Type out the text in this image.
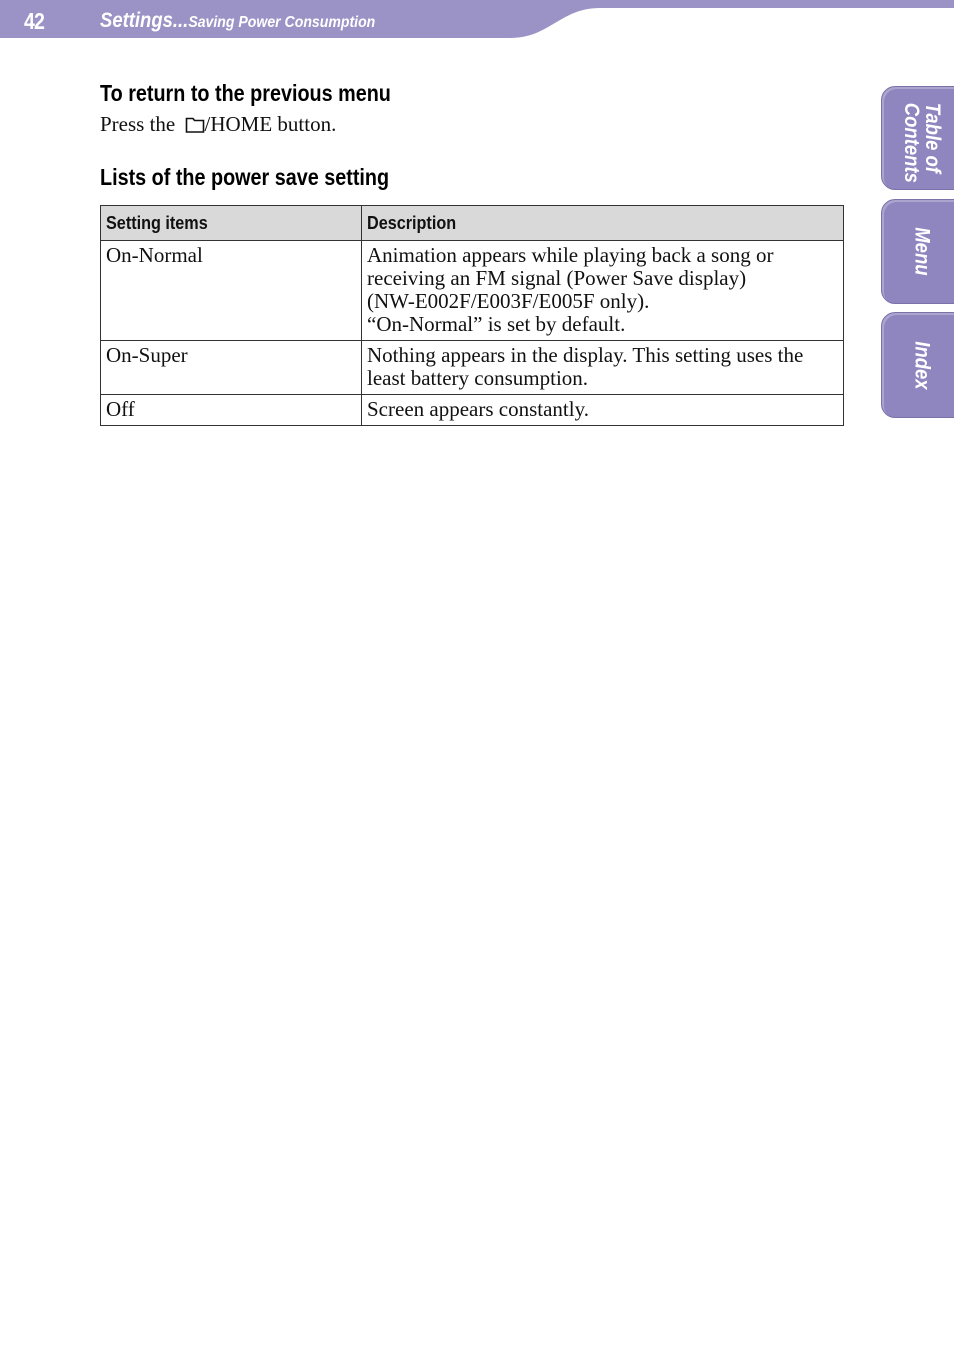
42	Settings...Saving Power Consumption
To return to the previous menu
Press the /HOME button.
Lists of the power save setting
Setting items	Description
On-Normal	Animation appears while playing back a song or
receiving an FM signal (Power Save display)
(NW-E002F/E003F/E005F only).
“On-Normal” is set by default.

On-Super	Nothing appears in the display. This setting uses the
least battery consumption.

Off	Screen appears constantly.
Table of Contents
Menu
Index
